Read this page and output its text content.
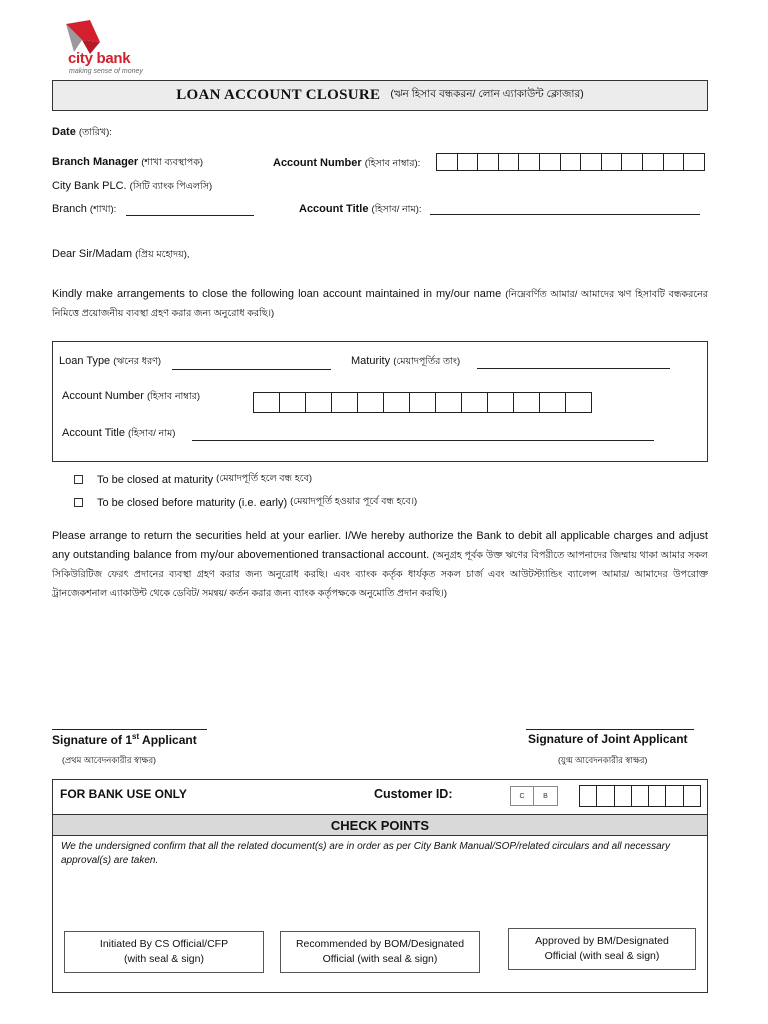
city bank
making sense of money
LOAN ACCOUNT CLOSURE (ঋন হিসাব বন্ধকরন/ লোন এ্যাকাউন্ট ক্লোজার)
Date (তারিখ):
Branch Manager (শাখা ব্যবস্থাপক)	Account Number (হিসাব নাম্বার):
City Bank PLC. (সিটি ব্যাংক পিএলসি)
Branch (শাখা):	Account Title (হিসাব/ নাম):
Dear Sir/Madam (প্রিয় মহোদয়),
Kindly make arrangements to close the following loan account maintained in my/our name (নিম্নেবর্ণিত আমার/ আমাদের ঋণ হিসাবটি বন্ধকরনের নিমিত্তে প্রয়োজনীয় ব্যবস্থা গ্রহণ করার জন্য অনুরোধ করছি।)
Loan Type (ঋনের ধরণ)	Maturity (মেয়াদপূর্তির তাং)
Account Number (হিসাব নাম্বার)
Account Title (হিসাব/ নাম)
To be closed at maturity (মেয়াদপূর্তি হলে বন্ধ হবে)
To be closed before maturity (i.e. early) (মেয়াদপূর্তি হওয়ার পূর্বে বন্ধ হবে।)
Please arrange to return the securities held at your earlier. I/We hereby authorize the Bank to debit all applicable charges and adjust any outstanding balance from my/our abovementioned transactional account. (অনুগ্রহ পূর্বক উক্ত ঋণের বিপরীতে আপনাদের জিম্মায় থাকা আমার সকল সিকিউরিটিজ ফেরৎ প্রদানের ব্যবস্থা গ্রহণ করার জন্য অনুরোধ করছি। এবং ব্যাংক কর্তৃক ধার্যকৃত সকল চার্জ এবং আউটস্ট্যান্ডিং ব্যালেন্স আমার/ আমাদের উপরোক্ত ট্রানজেকশনাল এ্যাকাউন্ট থেকে ডেবিট/ সমন্বয়/ কর্তন করার জন্য ব্যাংক কর্তৃপক্ষকে অনুমোতি প্রদান করছি।)
Signature of 1st Applicant
(প্রথম আবেদনকারীর স্বাক্ষর)
Signature of Joint Applicant
(যুগ্ম আবেদনকারীর স্বাক্ষর)
FOR BANK USE ONLY	Customer ID:	C	B
CHECK POINTS
We the undersigned confirm that all the related document(s) are in order as per City Bank Manual/SOP/related circulars and all necessary approval(s) are taken.
Initiated By CS Official/CFP
(with seal & sign)
Recommended by BOM/Designated
Official (with seal & sign)
Approved by BM/Designated
Official (with seal & sign)
